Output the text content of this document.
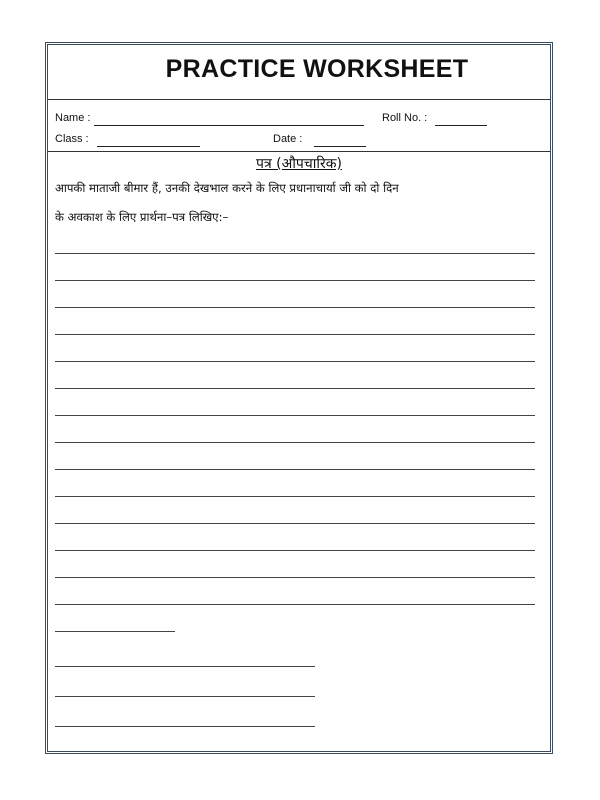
PRACTICE WORKSHEET
Name :	Roll No. :
Class :	Date :
पत्र (औपचारिक)
आपकी माताजी बीमार हैं, उनकी देखभाल करने के लिए प्रधानाचार्या जी को दो दिन
के अवकाश के लिए प्रार्थना–पत्र लिखिए:–
